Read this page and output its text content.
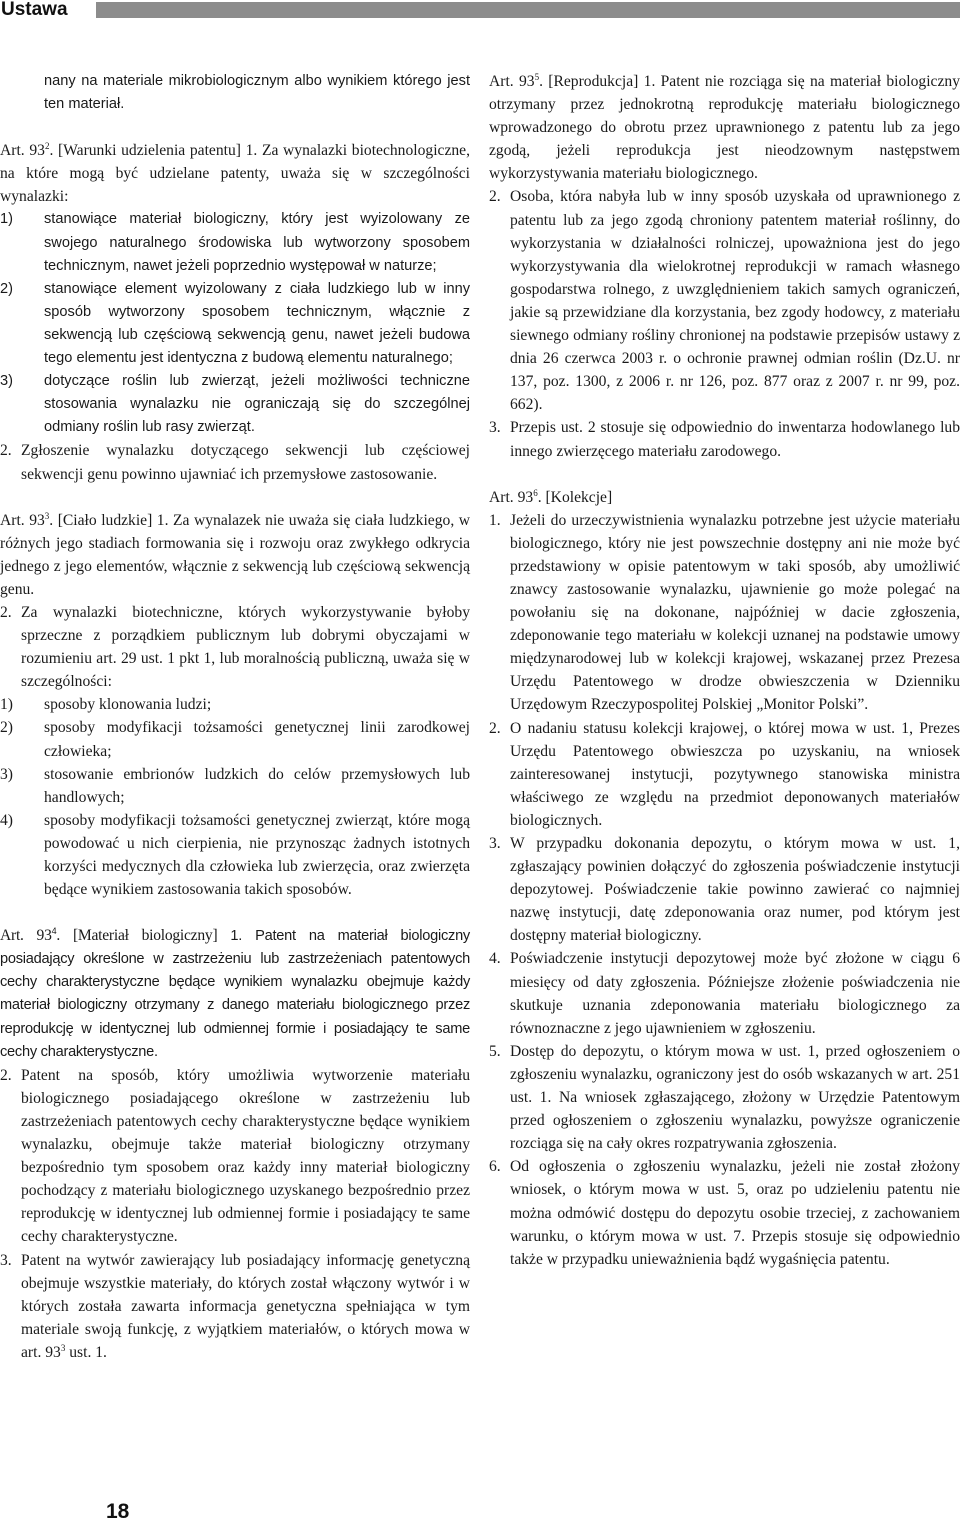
Ustawa

nany na materiale mikrobiologicznym albo wynikiem którego jest ten materiał.

Art. $93^2$. [Warunki udzielenia patentu] 1. Za wynalazki biotechnologiczne, na które mogą być udzielane patenty, uważa się w szczególności wynalazki:

1)	stanowiące materiał biologiczny, który jest wyizolowany ze swojego naturalnego środowiska lub wytworzony sposobem technicznym, nawet jeżeli poprzednio występował w naturze;
2)	stanowiące element wyizolowany z ciała ludzkiego lub w inny sposób wytworzony sposobem technicznym, włącznie z sekwencją lub częściową sekwencją genu, nawet jeżeli budowa tego elementu jest identyczna z budową elementu naturalnego;
3)	dotyczące roślin lub zwierząt, jeżeli możliwości techniczne stosowania wynalazku nie ograniczają się do szczególnej odmiany roślin lub rasy zwierząt.
2. Zgłoszenie wynalazku dotyczącego sekwencji lub częściowej sekwencji genu powinno ujawniać ich przemysłowe zastosowanie.

Art. $93^3$. [Ciało ludzkie] 1. Za wynalazek nie uważa się ciała ludzkiego, w różnych jego stadiach formowania się i rozwoju oraz zwykłego odkrycia jednego z jego elementów, włącznie z sekwencją lub częściową sekwencją genu.

2. Za wynalazki biotechniczne, których wykorzystywanie byłoby sprzeczne z porządkiem publicznym lub dobrymi obyczajami w rozumieniu art. 29 ust. 1 pkt 1, lub moralnością publiczną, uważa się w szczególności:
1)	sposoby klonowania ludzi;
2)	sposoby modyfikacji tożsamości genetycznej linii zarodkowej człowieka;
3)	stosowanie embrionów ludzkich do celów przemysłowych lub handlowych;
4)	sposoby modyfikacji tożsamości genetycznej zwierząt, które mogą powodować u nich cierpienia, nie przynosząc żadnych istotnych korzyści medycznych dla człowieka lub zwierzęcia, oraz zwierzęta będące wynikiem zastosowania takich sposobów.

Art. $93^4$. [Materiał biologiczny] 1. Patent na materiał biologiczny posiadający określone w zastrzeżeniu lub zastrzeżeniach patentowych cechy charakterystyczne będące wynikiem wynalazku obejmuje każdy materiał biologiczny otrzymany z danego materiału biologicznego przez reprodukcję w identycznej lub odmiennej formie i posiadający te same cechy charakterystyczne.

2. Patent na sposób, który umożliwia wytworzenie materiału biologicznego posiadającego określone w zastrzeżeniu lub zastrzeżeniach patentowych cechy charakterystyczne będące wynikiem wynalazku, obejmuje także materiał biologiczny otrzymany bezpośrednio tym sposobem oraz każdy inny materiał biologiczny pochodzący z materiału biologicznego uzyskanego bezpośrednio przez reprodukcję w identycznej lub odmiennej formie i posiadający te same cechy charakterystyczne.
3. Patent na wytwór zawierający lub posiadający informację genetyczną obejmuje wszystkie materiały, do których został włączony wytwór i w których została zawarta informacja genetyczna spełniająca w tym materiale swoją funkcję, z wyjątkiem materiałów, o których mowa w art. $93^3$ ust. 1.

Art. $93^5$. [Reprodukcja] 1. Patent nie rozciąga się na materiał biologiczny otrzymany przez jednokrotną reprodukcję materiału biologicznego wprowadzonego do obrotu przez uprawnionego z patentu lub za jego zgodą, jeżeli reprodukcja jest nieodzownym następstwem wykorzystywania materiału biologicznego.

2. Osoba, która nabyła lub w inny sposób uzyskała od uprawnionego z patentu lub za jego zgodą chroniony patentem materiał roślinny, do wykorzystania w działalności rolniczej, upoważniona jest do jego wykorzystywania dla wielokrotnej reprodukcji w ramach własnego gospodarstwa rolnego, z uwzględnieniem takich samych ograniczeń, jakie są przewidziane dla korzystania, bez zgody hodowcy, z materiału siewnego odmiany rośliny chronionej na podstawie przepisów ustawy z dnia 26 czerwca 2003 r. o ochronie prawnej odmian roślin (Dz.U. nr 137, poz. 1300, z 2006 r. nr 126, poz. 877 oraz z 2007 r. nr 99, poz. 662).
3. Przepis ust. 2 stosuje się odpowiednio do inwentarza hodowlanego lub innego zwierzęcego materiału zarodowego.

Art. $93^6$. [Kolekcje]

1. Jeżeli do urzeczywistnienia wynalazku potrzebne jest użycie materiału biologicznego, który nie jest powszechnie dostępny ani nie może być przedstawiony w opisie patentowym w taki sposób, aby umożliwić znawcy zastosowanie wynalazku, ujawnienie go może polegać na powołaniu się na dokonane, najpóźniej w dacie zgłoszenia, zdeponowanie tego materiału w kolekcji uznanej na podstawie umowy międzynarodowej lub w kolekcji krajowej, wskazanej przez Prezesa Urzędu Patentowego w drodze obwieszczenia w Dzienniku Urzędowym Rzeczypospolitej Polskiej „Monitor Polski”.
2. O nadaniu statusu kolekcji krajowej, o której mowa w ust. 1, Prezes Urzędu Patentowego obwieszcza po uzyskaniu, na wniosek zainteresowanej instytucji, pozytywnego stanowiska ministra właściwego ze względu na przedmiot deponowanych materiałów biologicznych.
3. W przypadku dokonania depozytu, o którym mowa w ust. 1, zgłaszający powinien dołączyć do zgłoszenia poświadczenie instytucji depozytowej. Poświadczenie takie powinno zawierać co najmniej nazwę instytucji, datę zdeponowania oraz numer, pod którym jest dostępny materiał biologiczny.
4. Poświadczenie instytucji depozytowej może być złożone w ciągu 6 miesięcy od daty zgłoszenia. Późniejsze złożenie poświadczenia nie skutkuje uznania zdeponowania materiału biologicznego za równoznaczne z jego ujawnieniem w zgłoszeniu.
5. Dostęp do depozytu, o którym mowa w ust. 1, przed ogłoszeniem o zgłoszeniu wynalazku, ograniczony jest do osób wskazanych w art. 251 ust. 1. Na wniosek zgłaszającego, złożony w Urzędzie Patentowym przed ogłoszeniem o zgłoszeniu wynalazku, powyższe ograniczenie rozciąga się na cały okres rozpatrywania zgłoszenia.
6. Od ogłoszenia o zgłoszeniu wynalazku, jeżeli nie został złożony wniosek, o którym mowa w ust. 5, oraz po udzieleniu patentu nie można odmówić dostępu do depozytu osobie trzeciej, z zachowaniem warunku, o którym mowa w ust. 7. Przepis stosuje się odpowiednio także w przypadku unieważnienia bądź wygaśnięcia patentu.
18
